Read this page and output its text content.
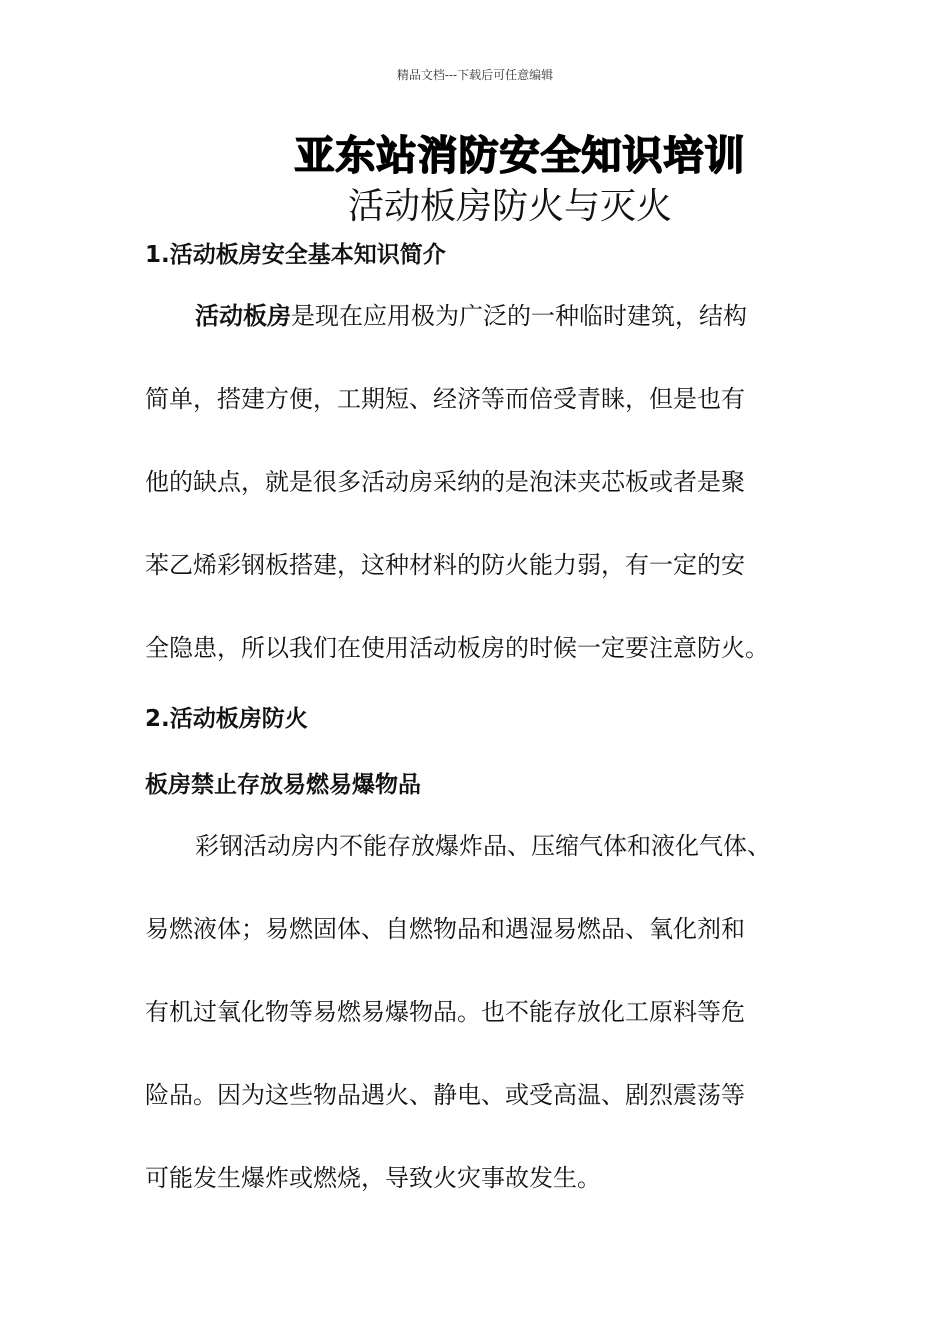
精品文档---下载后可任意编辑
亚东站消防安全知识培训
活动板房防火与灭火
1.活动板房安全基本知识简介
活动板房是现在应用极为广泛的一种临时建筑，结构
简单，搭建方便，工期短、经济等而倍受青睐，但是也有
他的缺点，就是很多活动房采纳的是泡沫夹芯板或者是聚
苯乙烯彩钢板搭建，这种材料的防火能力弱，有一定的安
全隐患，所以我们在使用活动板房的时候一定要注意防火。
2.活动板房防火
板房禁止存放易燃易爆物品
彩钢活动房内不能存放爆炸品、压缩气体和液化气体、
易燃液体；易燃固体、自燃物品和遇湿易燃品、氧化剂和
有机过氧化物等易燃易爆物品。也不能存放化工原料等危
险品。因为这些物品遇火、静电、或受高温、剧烈震荡等
可能发生爆炸或燃烧，导致火灾事故发生。
